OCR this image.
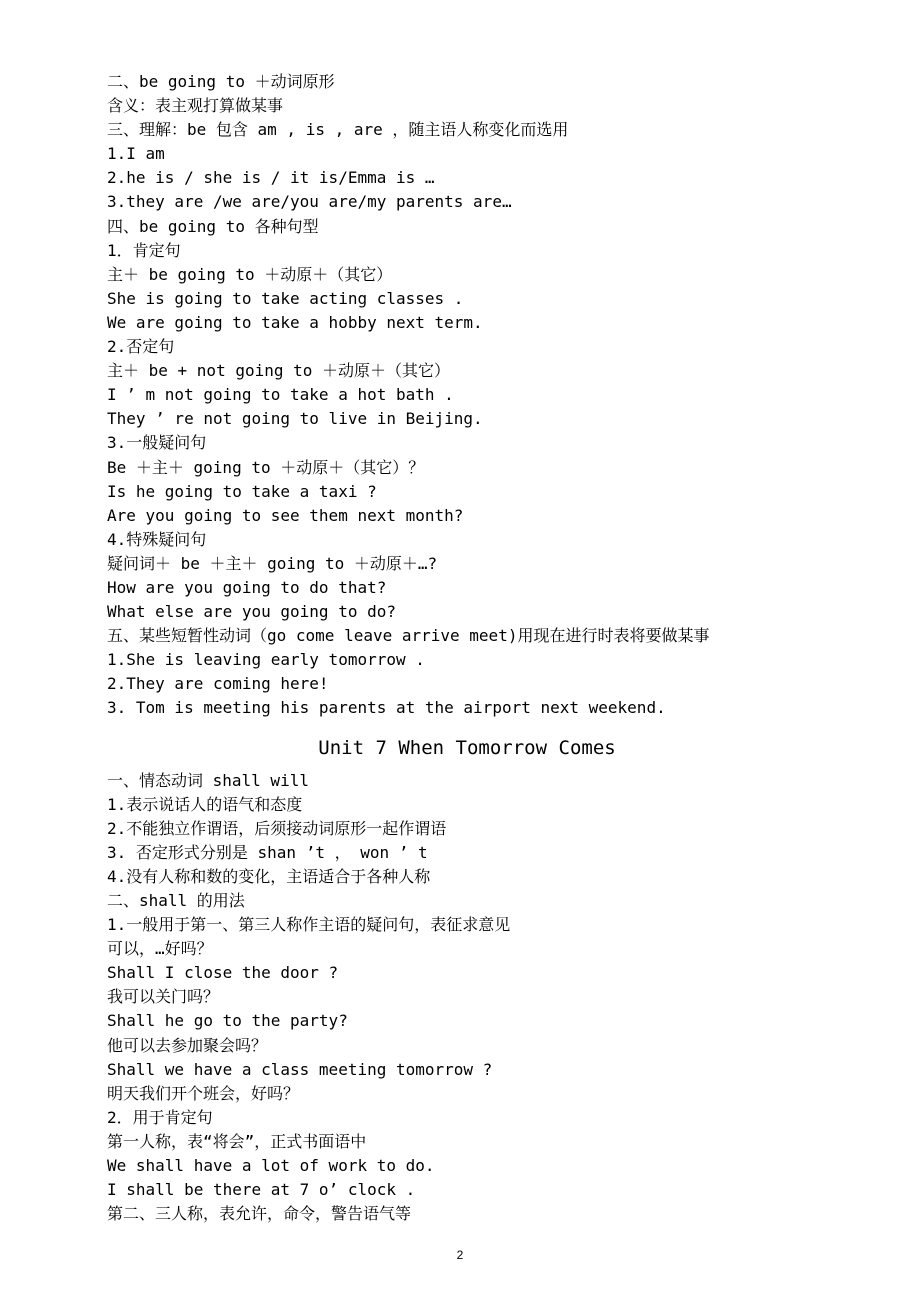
二、be going to ＋动词原形
含义：表主观打算做某事
三、理解：be 包含 am , is , are ，随主语人称变化而选用
1.I am
2.he is / she is / it is/Emma is …
3.they are /we are/you are/my parents are…
四、be going to 各种句型
1．肯定句
主＋ be going to ＋动原＋（其它）
She is going to take acting classes .
We are going to take a hobby next term.
2.否定句
主＋ be + not going to ＋动原＋（其它）
I ’ m not going to take a hot bath .
They ’ re not going to live in Beijing.
3.一般疑问句
Be ＋主＋ going to ＋动原＋（其它）？
Is he going to take a taxi ?
Are you going to see them next month?
4.特殊疑问句
疑问词＋ be ＋主＋ going to ＋动原＋…?
How are you going to do that?
What else are you going to do?
五、某些短暂性动词（go come leave arrive meet)用现在进行时表将要做某事
1.She is leaving early tomorrow .
2.They are coming here!
3. Tom is meeting his parents at the airport next weekend.
Unit 7 When Tomorrow Comes
一、情态动词 shall will
1.表示说话人的语气和态度
2.不能独立作谓语，后须接动词原形一起作谓语
3. 否定形式分别是 shan ’t ， won ’ t
4.没有人称和数的变化，主语适合于各种人称
二、shall 的用法
1.一般用于第一、第三人称作主语的疑问句，表征求意见
可以，…好吗？
Shall I close the door ?
我可以关门吗？
Shall he go to the party?
他可以去参加聚会吗？
Shall we have a class meeting tomorrow ?
明天我们开个班会，好吗？
2．用于肯定句
第一人称，表“将会”，正式书面语中
We shall have a lot of work to do.
I shall be there at 7 o’ clock .
第二、三人称，表允许，命令，警告语气等
2
